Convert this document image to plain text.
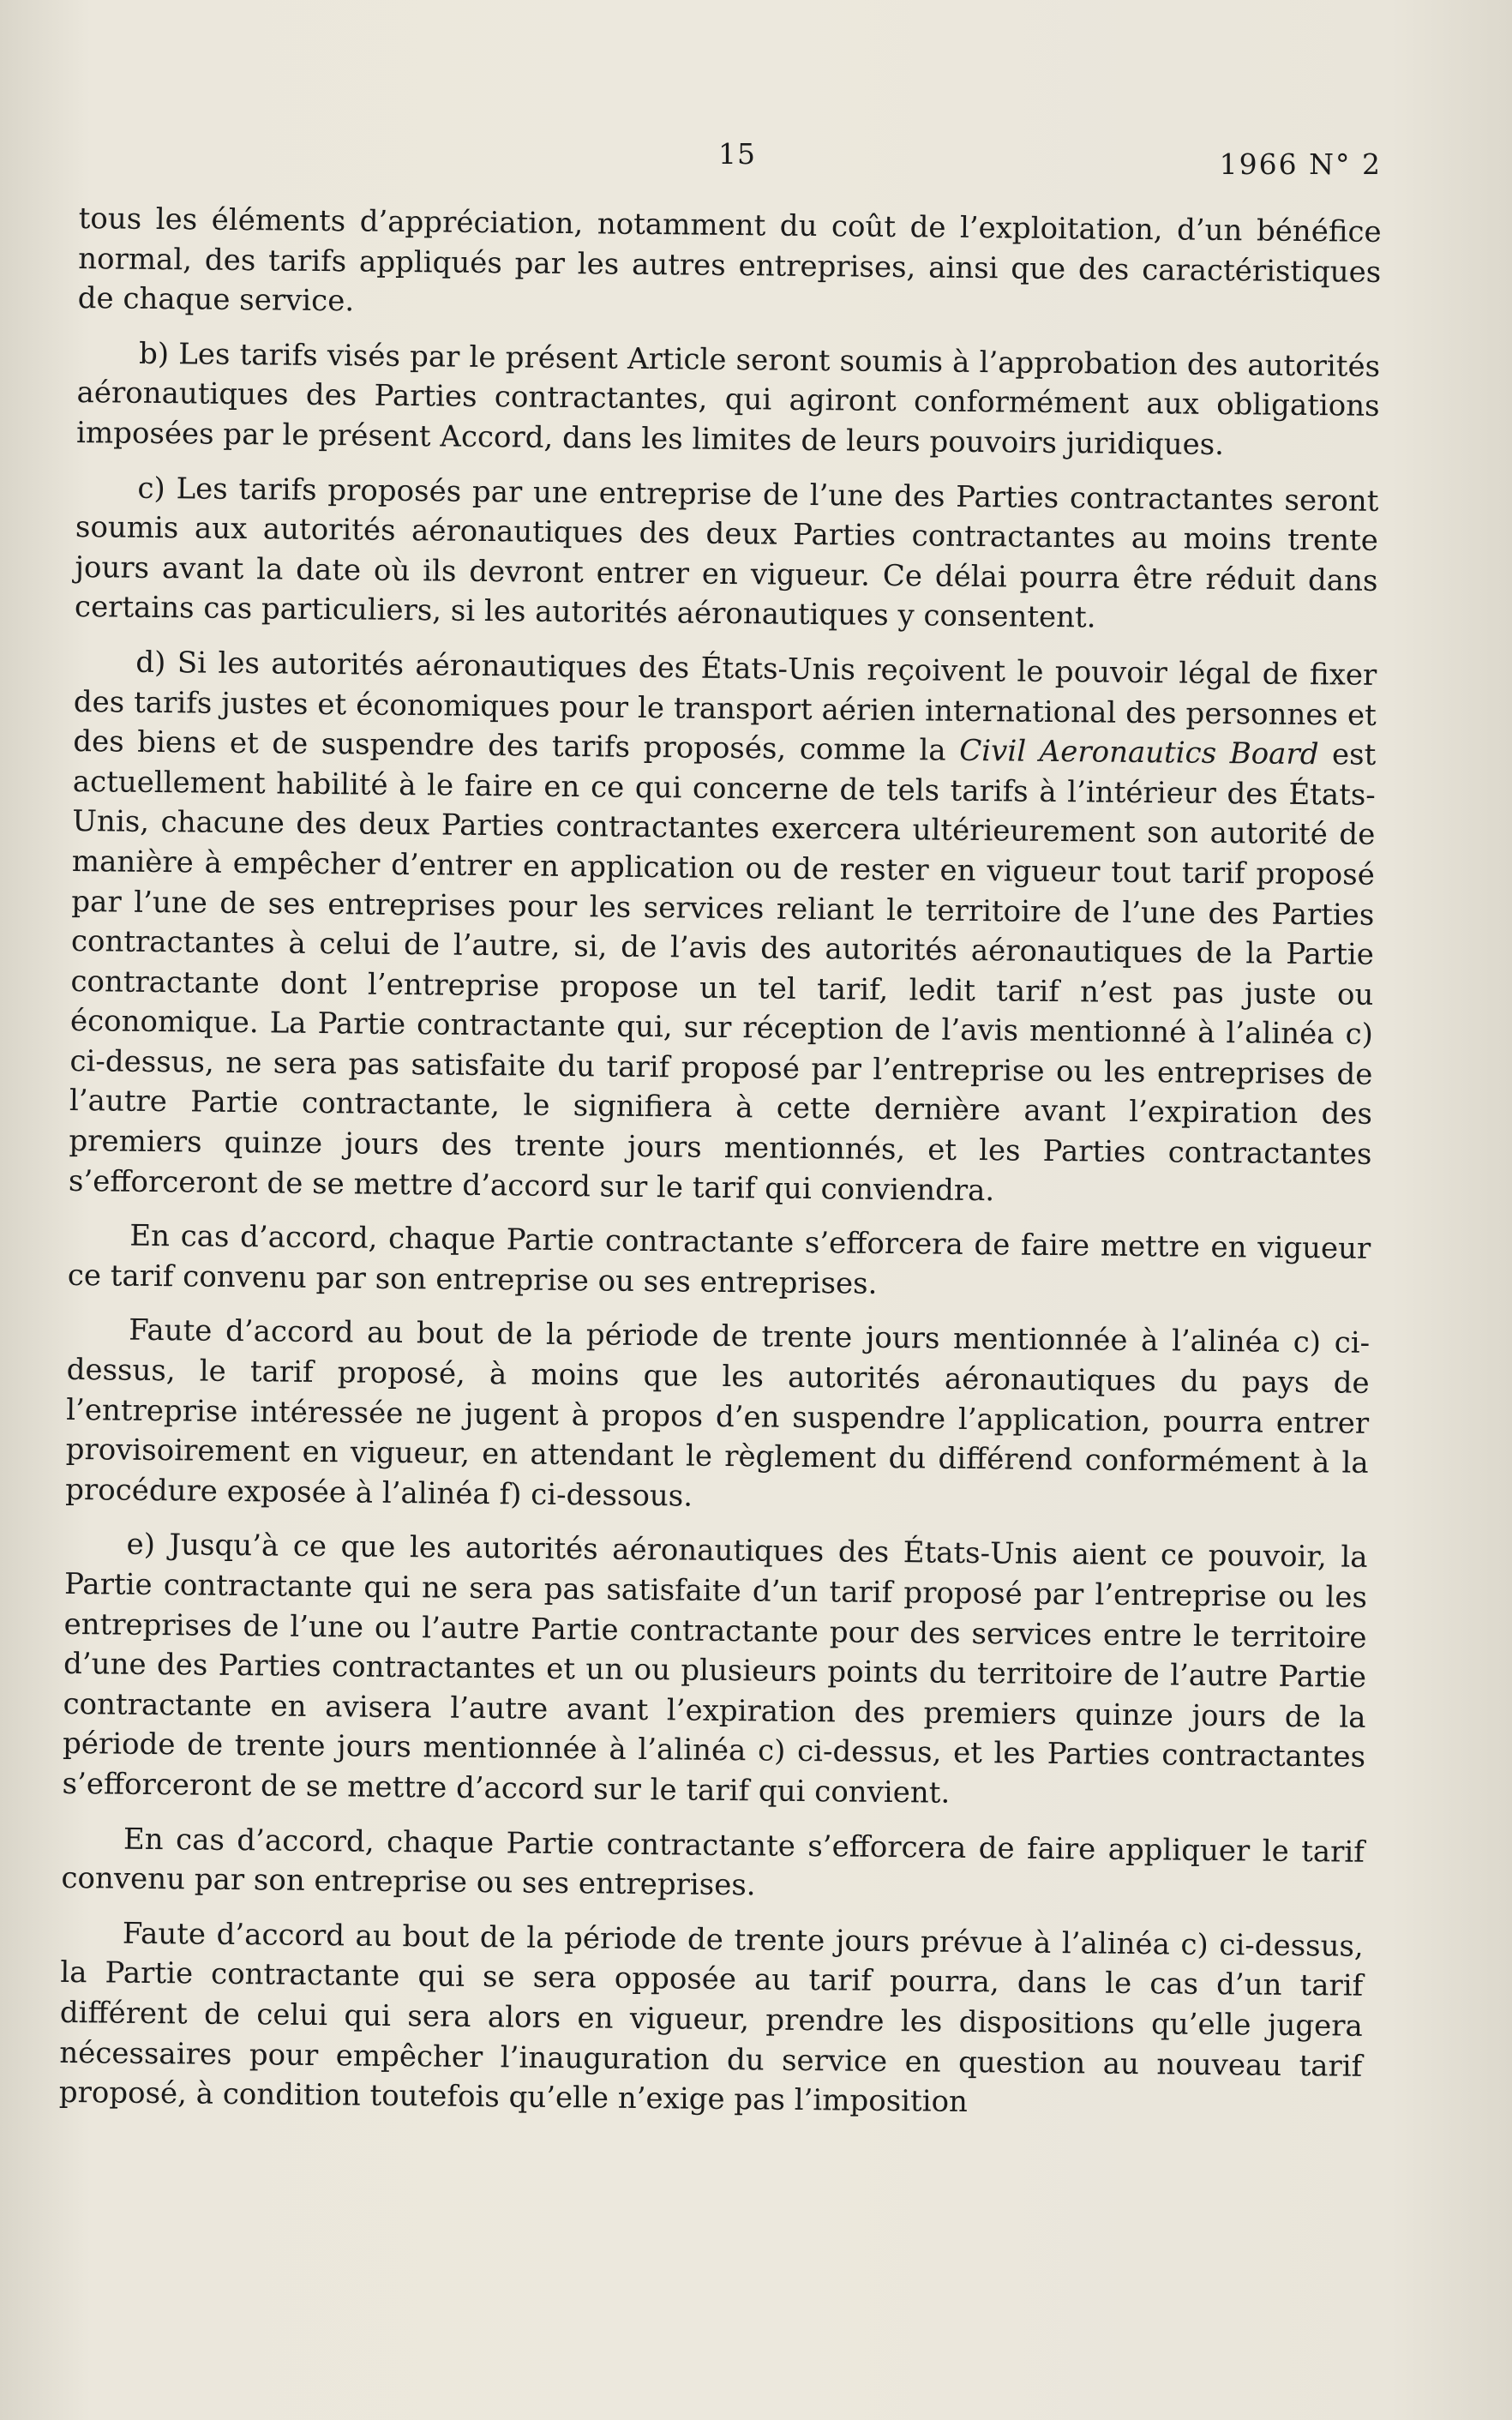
15	1966 N° 2

tous les éléments d’appréciation, notamment du coût de l’exploitation, d’un bénéfice normal, des tarifs appliqués par les autres entreprises, ainsi que des caractéristiques de chaque service.

b) Les tarifs visés par le présent Article seront soumis à l’approbation des autorités aéronautiques des Parties contractantes, qui agiront conformément aux obligations imposées par le présent Accord, dans les limites de leurs pouvoirs juridiques.

c) Les tarifs proposés par une entreprise de l’une des Parties contractantes seront soumis aux autorités aéronautiques des deux Parties contractantes au moins trente jours avant la date où ils devront entrer en vigueur. Ce délai pourra être réduit dans certains cas particuliers, si les autorités aéronautiques y consentent.

d) Si les autorités aéronautiques des États-Unis reçoivent le pouvoir légal de fixer des tarifs justes et économiques pour le transport aérien international des personnes et des biens et de suspendre des tarifs proposés, comme la Civil Aeronautics Board est actuellement habilité à le faire en ce qui concerne de tels tarifs à l’intérieur des États-Unis, chacune des deux Parties contractantes exercera ultérieurement son autorité de manière à empêcher d’entrer en application ou de rester en vigueur tout tarif proposé par l’une de ses entreprises pour les services reliant le territoire de l’une des Parties contractantes à celui de l’autre, si, de l’avis des autorités aéronautiques de la Partie contractante dont l’entreprise propose un tel tarif, ledit tarif n’est pas juste ou économique. La Partie contractante qui, sur réception de l’avis mentionné à l’alinéa c) ci-dessus, ne sera pas satisfaite du tarif proposé par l’entreprise ou les entreprises de l’autre Partie contractante, le signifiera à cette dernière avant l’expiration des premiers quinze jours des trente jours mentionnés, et les Parties contractantes s’efforceront de se mettre d’accord sur le tarif qui conviendra.

En cas d’accord, chaque Partie contractante s’efforcera de faire mettre en vigueur ce tarif convenu par son entreprise ou ses entreprises.

Faute d’accord au bout de la période de trente jours mentionnée à l’alinéa c) ci-dessus, le tarif proposé, à moins que les autorités aéronautiques du pays de l’entreprise intéressée ne jugent à propos d’en suspendre l’application, pourra entrer provisoirement en vigueur, en attendant le règlement du différend conformément à la procédure exposée à l’alinéa f) ci-dessous.

e) Jusqu’à ce que les autorités aéronautiques des États-Unis aient ce pouvoir, la Partie contractante qui ne sera pas satisfaite d’un tarif proposé par l’entreprise ou les entreprises de l’une ou l’autre Partie contractante pour des services entre le territoire d’une des Parties contractantes et un ou plusieurs points du territoire de l’autre Partie contractante en avisera l’autre avant l’expiration des premiers quinze jours de la période de trente jours mentionnée à l’alinéa c) ci-dessus, et les Parties contractantes s’efforceront de se mettre d’accord sur le tarif qui convient.

En cas d’accord, chaque Partie contractante s’efforcera de faire appliquer le tarif convenu par son entreprise ou ses entreprises.

Faute d’accord au bout de la période de trente jours prévue à l’alinéa c) ci-dessus, la Partie contractante qui se sera opposée au tarif pourra, dans le cas d’un tarif différent de celui qui sera alors en vigueur, prendre les dispositions qu’elle jugera nécessaires pour empêcher l’inauguration du service en question au nouveau tarif proposé, à condition toutefois qu’elle n’exige pas l’imposition
